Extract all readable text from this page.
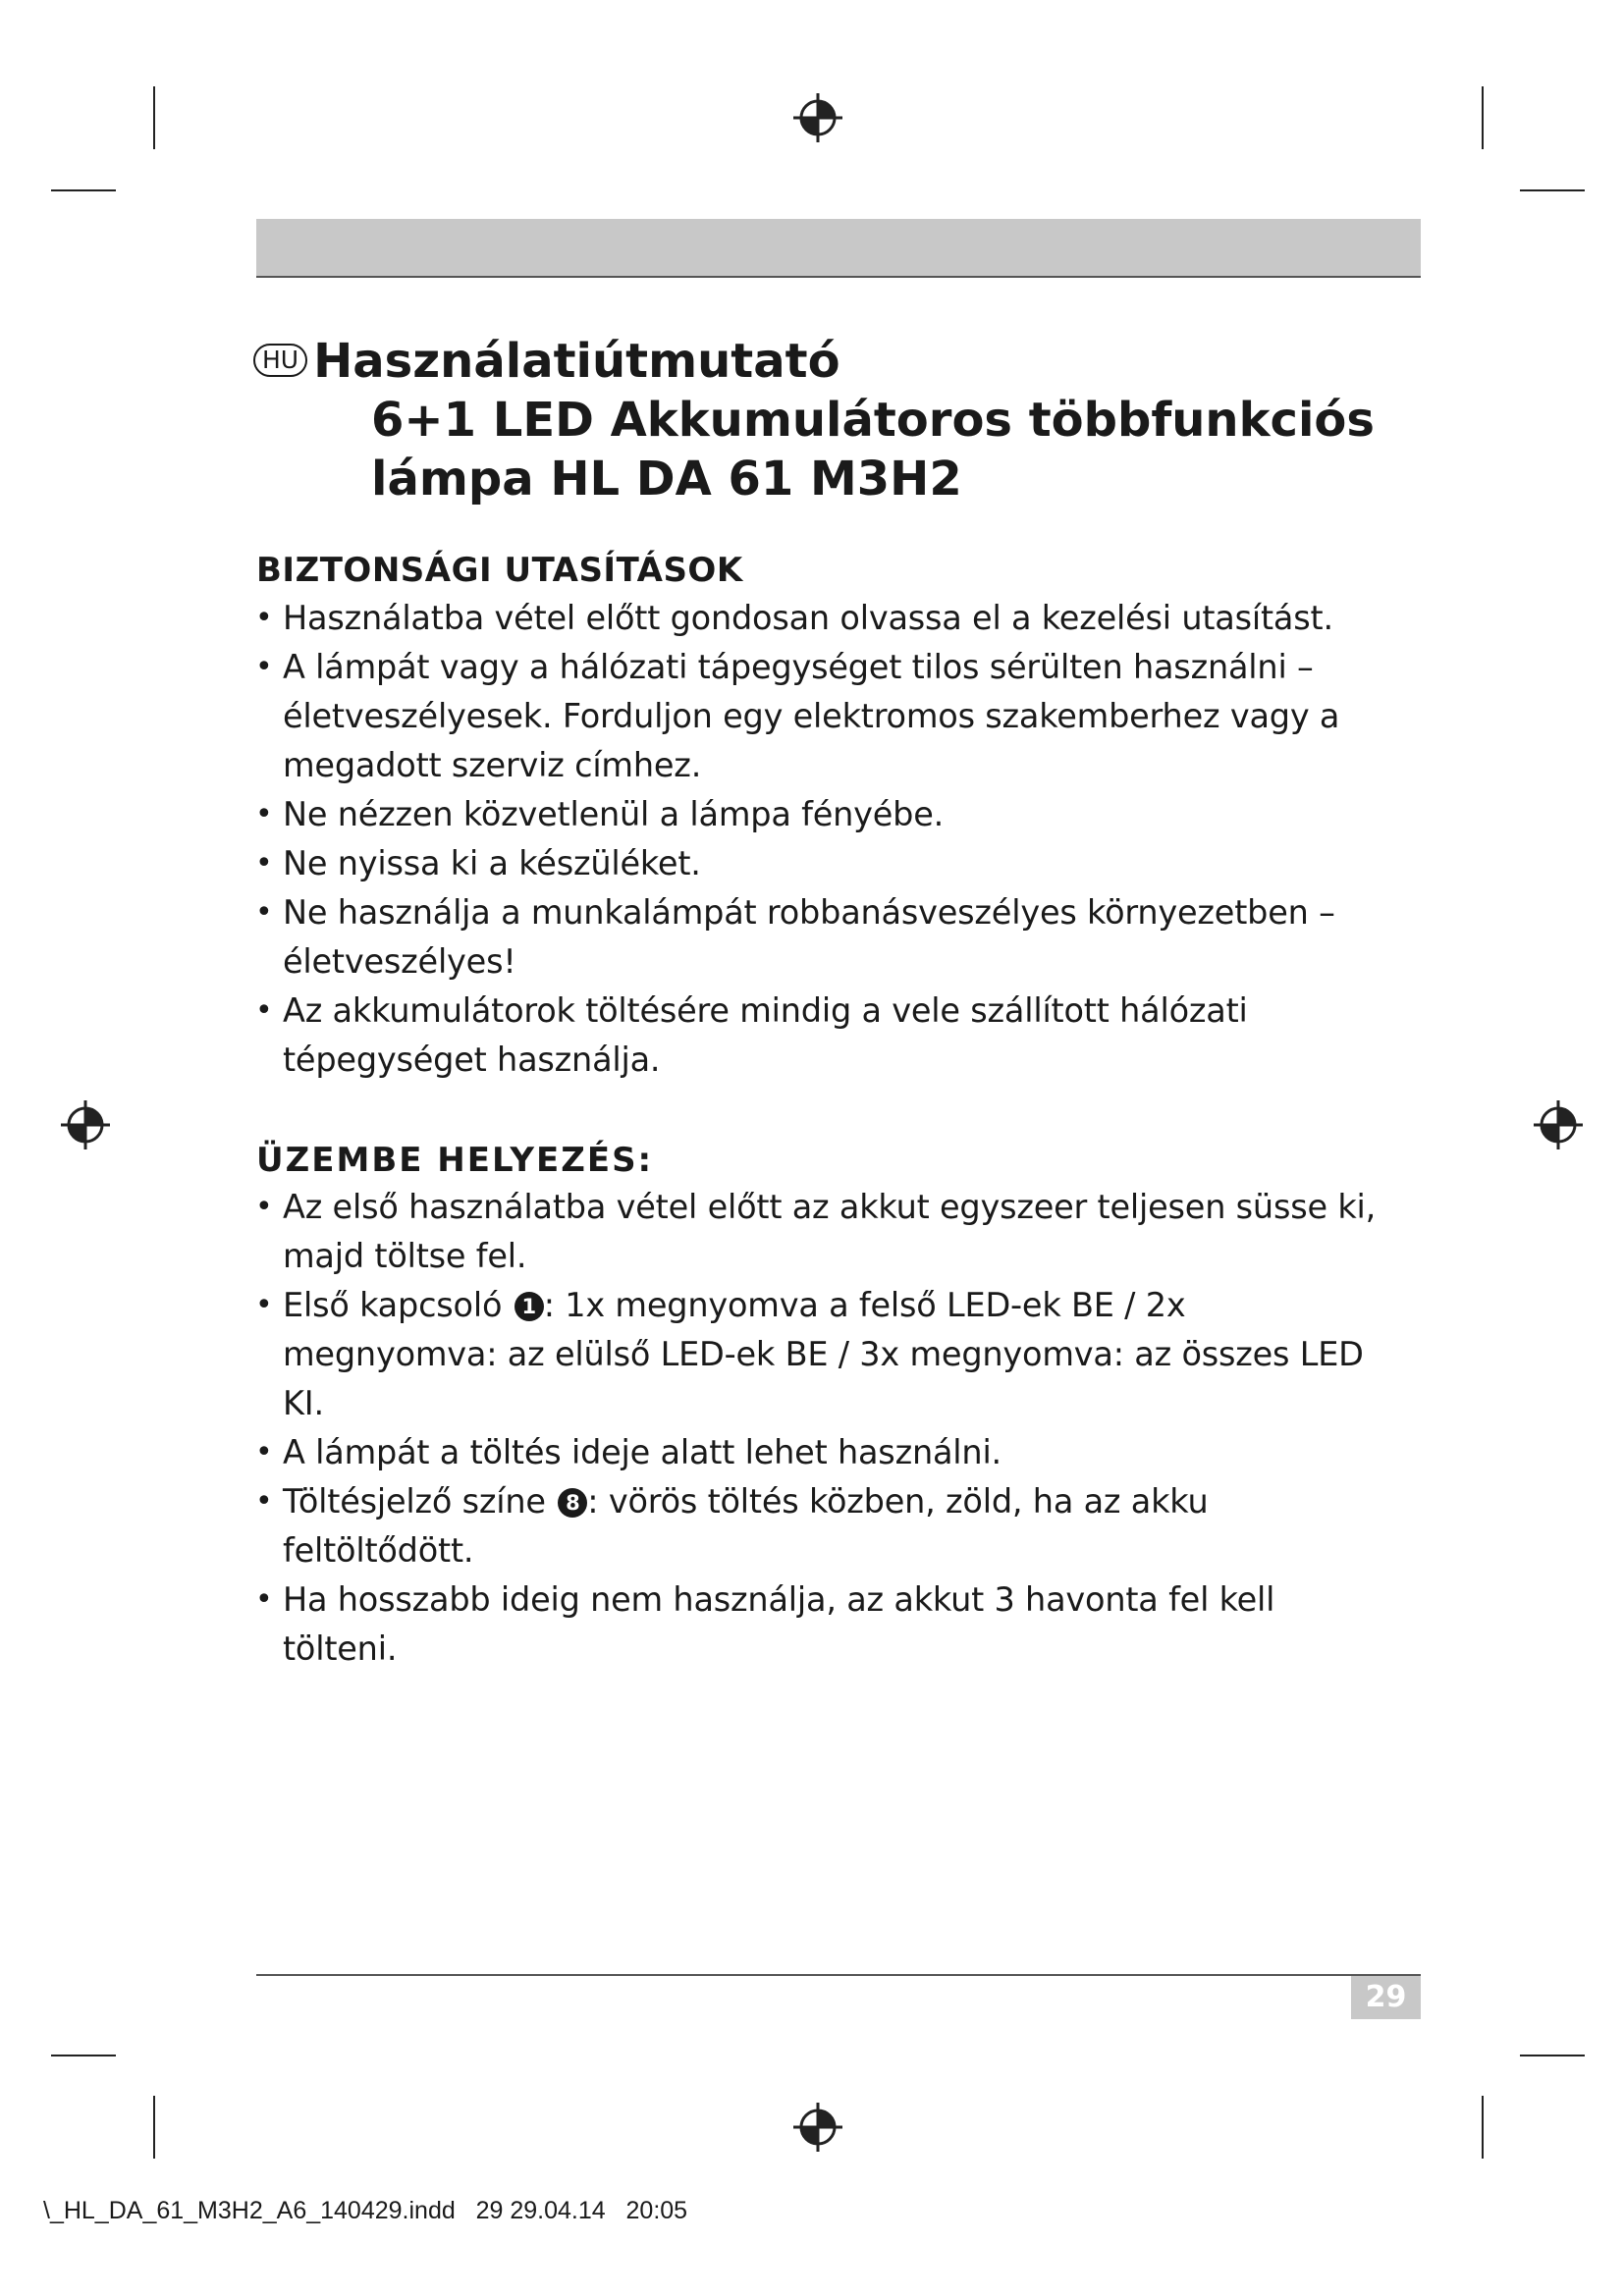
HU Használatiútmutató
6+1 LED Akkumulátoros többfunkciós
lámpa HL DA 61 M3H2
BIZTONSÁGI UTASÍTÁSOK
• Használatba vétel előtt gondosan olvassa el a kezelési utasítást.
• A lámpát vagy a hálózati tápegységet tilos sérülten használni – életveszélyesek. Forduljon egy elektromos szakemberhez vagy a megadott szerviz címhez.
• Ne nézzen közvetlenül a lámpa fényébe.
• Ne nyissa ki a készüléket.
• Ne használja a munkalámpát robbanásveszélyes környezetben – életveszélyes!
• Az akkumulátorok töltésére mindig a vele szállított hálózati tépegységet használja.
ÜZEMBE HELYEZÉS:
• Az első használatba vétel előtt az akkut egyszeer teljesen süsse ki, majd töltse fel.
• Első kapcsoló 1 : 1x megnyomva a felső LED-ek BE / 2x megnyomva: az elülső LED-ek BE / 3x megnyomva: az összes LED KI.
• A lámpát a töltés ideje alatt lehet használni.
• Töltésjelző színe 8 : vörös töltés közben, zöld, ha az akku feltöltődött.
• Ha hosszabb ideig nem használja, az akkut 3 havonta fel kell tölteni.
29
\_HL_DA_61_M3H2_A6_140429.indd   29 29.04.14   20:05
